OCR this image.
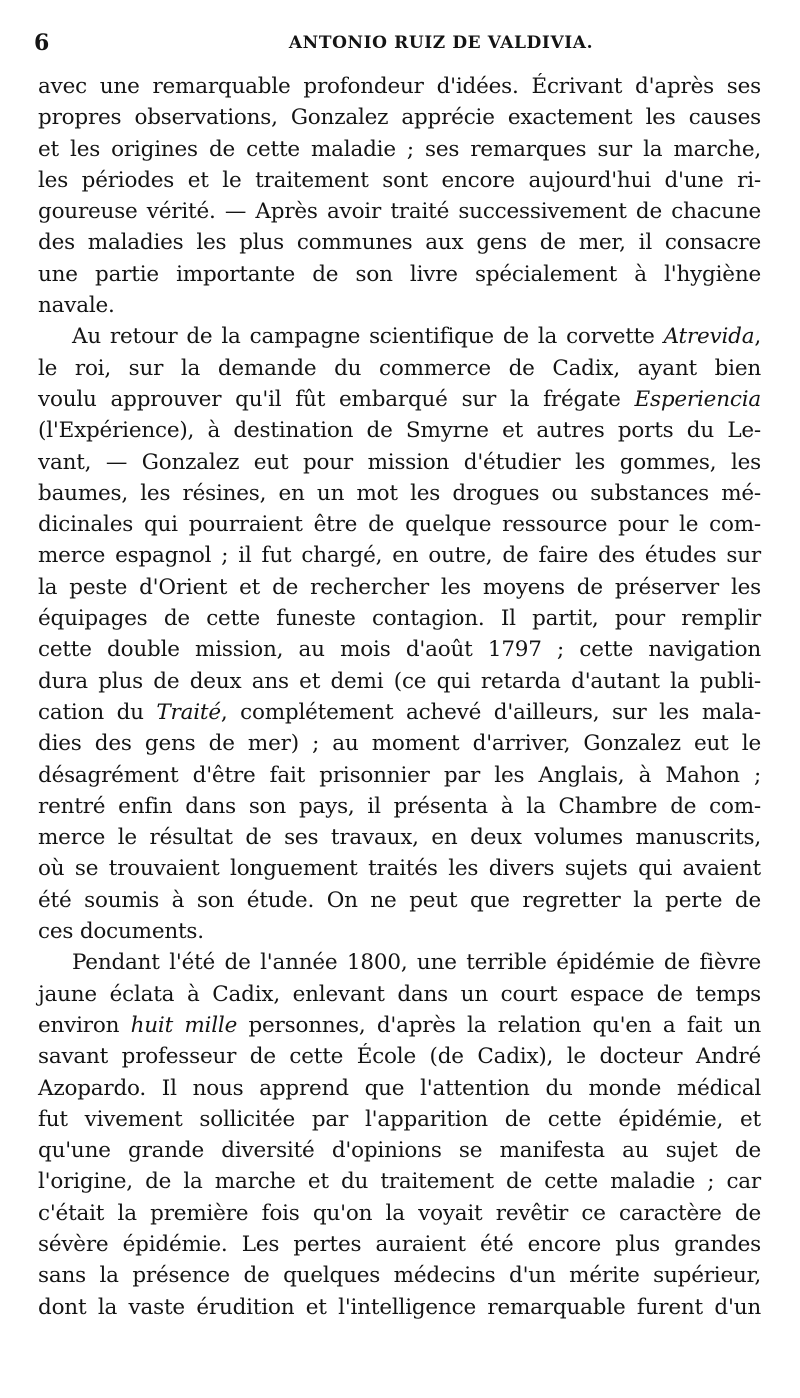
6	ANTONIO RUIZ DE VALDIVIA.
avec une remarquable profondeur d'idées. Écrivant d'après ses
propres observations, Gonzalez apprécie exactement les causes
et les origines de cette maladie ; ses remarques sur la marche,
les périodes et le traitement sont encore aujourd'hui d'une ri-
goureuse vérité. — Après avoir traité successivement de chacune
des maladies les plus communes aux gens de mer, il consacre
une partie importante de son livre spécialement à l'hygiène
navale.
Au retour de la campagne scientifique de la corvette Atrevida,
le roi, sur la demande du commerce de Cadix, ayant bien
voulu approuver qu'il fût embarqué sur la frégate Esperiencia
(l'Expérience), à destination de Smyrne et autres ports du Le-
vant, — Gonzalez eut pour mission d'étudier les gommes, les
baumes, les résines, en un mot les drogues ou substances mé-
dicinales qui pourraient être de quelque ressource pour le com-
merce espagnol ; il fut chargé, en outre, de faire des études sur
la peste d'Orient et de rechercher les moyens de préserver les
équipages de cette funeste contagion. Il partit, pour remplir
cette double mission, au mois d'août 1797 ; cette navigation
dura plus de deux ans et demi (ce qui retarda d'autant la publi-
cation du Traité, complétement achevé d'ailleurs, sur les mala-
dies des gens de mer) ; au moment d'arriver, Gonzalez eut le
désagrément d'être fait prisonnier par les Anglais, à Mahon ;
rentré enfin dans son pays, il présenta à la Chambre de com-
merce le résultat de ses travaux, en deux volumes manuscrits,
où se trouvaient longuement traités les divers sujets qui avaient
été soumis à son étude. On ne peut que regretter la perte de
ces documents.
Pendant l'été de l'année 1800, une terrible épidémie de fièvre
jaune éclata à Cadix, enlevant dans un court espace de temps
environ huit mille personnes, d'après la relation qu'en a fait un
savant professeur de cette École (de Cadix), le docteur André
Azopardo. Il nous apprend que l'attention du monde médical
fut vivement sollicitée par l'apparition de cette épidémie, et
qu'une grande diversité d'opinions se manifesta au sujet de
l'origine, de la marche et du traitement de cette maladie ; car
c'était la première fois qu'on la voyait revêtir ce caractère de
sévère épidémie. Les pertes auraient été encore plus grandes
sans la présence de quelques médecins d'un mérite supérieur,
dont la vaste érudition et l'intelligence remarquable furent d'un
